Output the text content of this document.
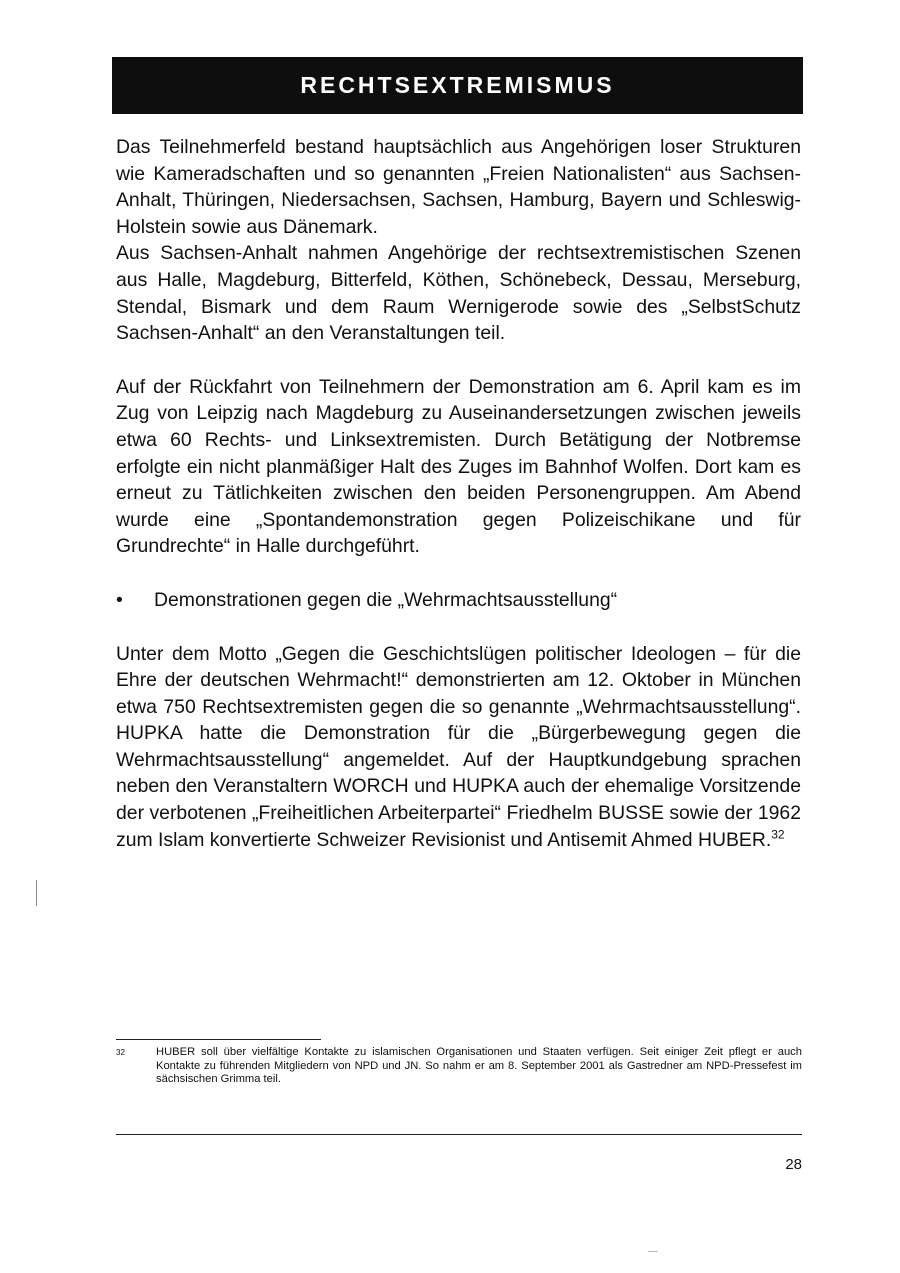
RECHTSEXTREMISMUS

Das Teilnehmerfeld bestand hauptsächlich aus Angehörigen loser Strukturen wie Kameradschaften und so genannten „Freien Nationalisten“ aus Sachsen-Anhalt, Thüringen, Niedersachsen, Sachsen, Hamburg, Bayern und Schleswig-Holstein sowie aus Dänemark.

Aus Sachsen-Anhalt nahmen Angehörige der rechtsextremistischen Szenen aus Halle, Magdeburg, Bitterfeld, Köthen, Schönebeck, Dessau, Merseburg, Stendal, Bismark und dem Raum Wernigerode sowie des „SelbstSchutz Sachsen-Anhalt“ an den Veranstaltungen teil.

Auf der Rückfahrt von Teilnehmern der Demonstration am 6. April kam es im Zug von Leipzig nach Magdeburg zu Auseinandersetzungen zwischen jeweils etwa 60 Rechts- und Linksextremisten. Durch Betätigung der Notbremse erfolgte ein nicht planmäßiger Halt des Zuges im Bahnhof Wolfen. Dort kam es erneut zu Tätlichkeiten zwischen den beiden Personengruppen. Am Abend wurde eine „Spontandemonstration gegen Polizeischikane und für Grundrechte“ in Halle durchgeführt.

•	Demonstrationen gegen die „Wehrmachtsausstellung“

Unter dem Motto „Gegen die Geschichtslügen politischer Ideologen – für die Ehre der deutschen Wehrmacht!“ demonstrierten am 12. Oktober in München etwa 750 Rechtsextremisten gegen die so genannte „Wehrmachtsausstellung“. HUPKA hatte die Demonstration für die „Bürgerbewegung gegen die Wehrmachtsausstellung“ angemeldet. Auf der Hauptkundgebung sprachen neben den Veranstaltern WORCH und HUPKA auch der ehemalige Vorsitzende der verbotenen „Freiheitlichen Arbeiterpartei“ Friedhelm BUSSE sowie der 1962 zum Islam konvertierte Schweizer Revisionist und Antisemit Ahmed HUBER.$^{32}$

32	HUBER soll über vielfältige Kontakte zu islamischen Organisationen und Staaten verfügen. Seit einiger Zeit pflegt er auch Kontakte zu führenden Mitgliedern von NPD und JN. So nahm er am 8. September 2001 als Gastredner am NPD-Pressefest im sächsischen Grimma teil.
28
